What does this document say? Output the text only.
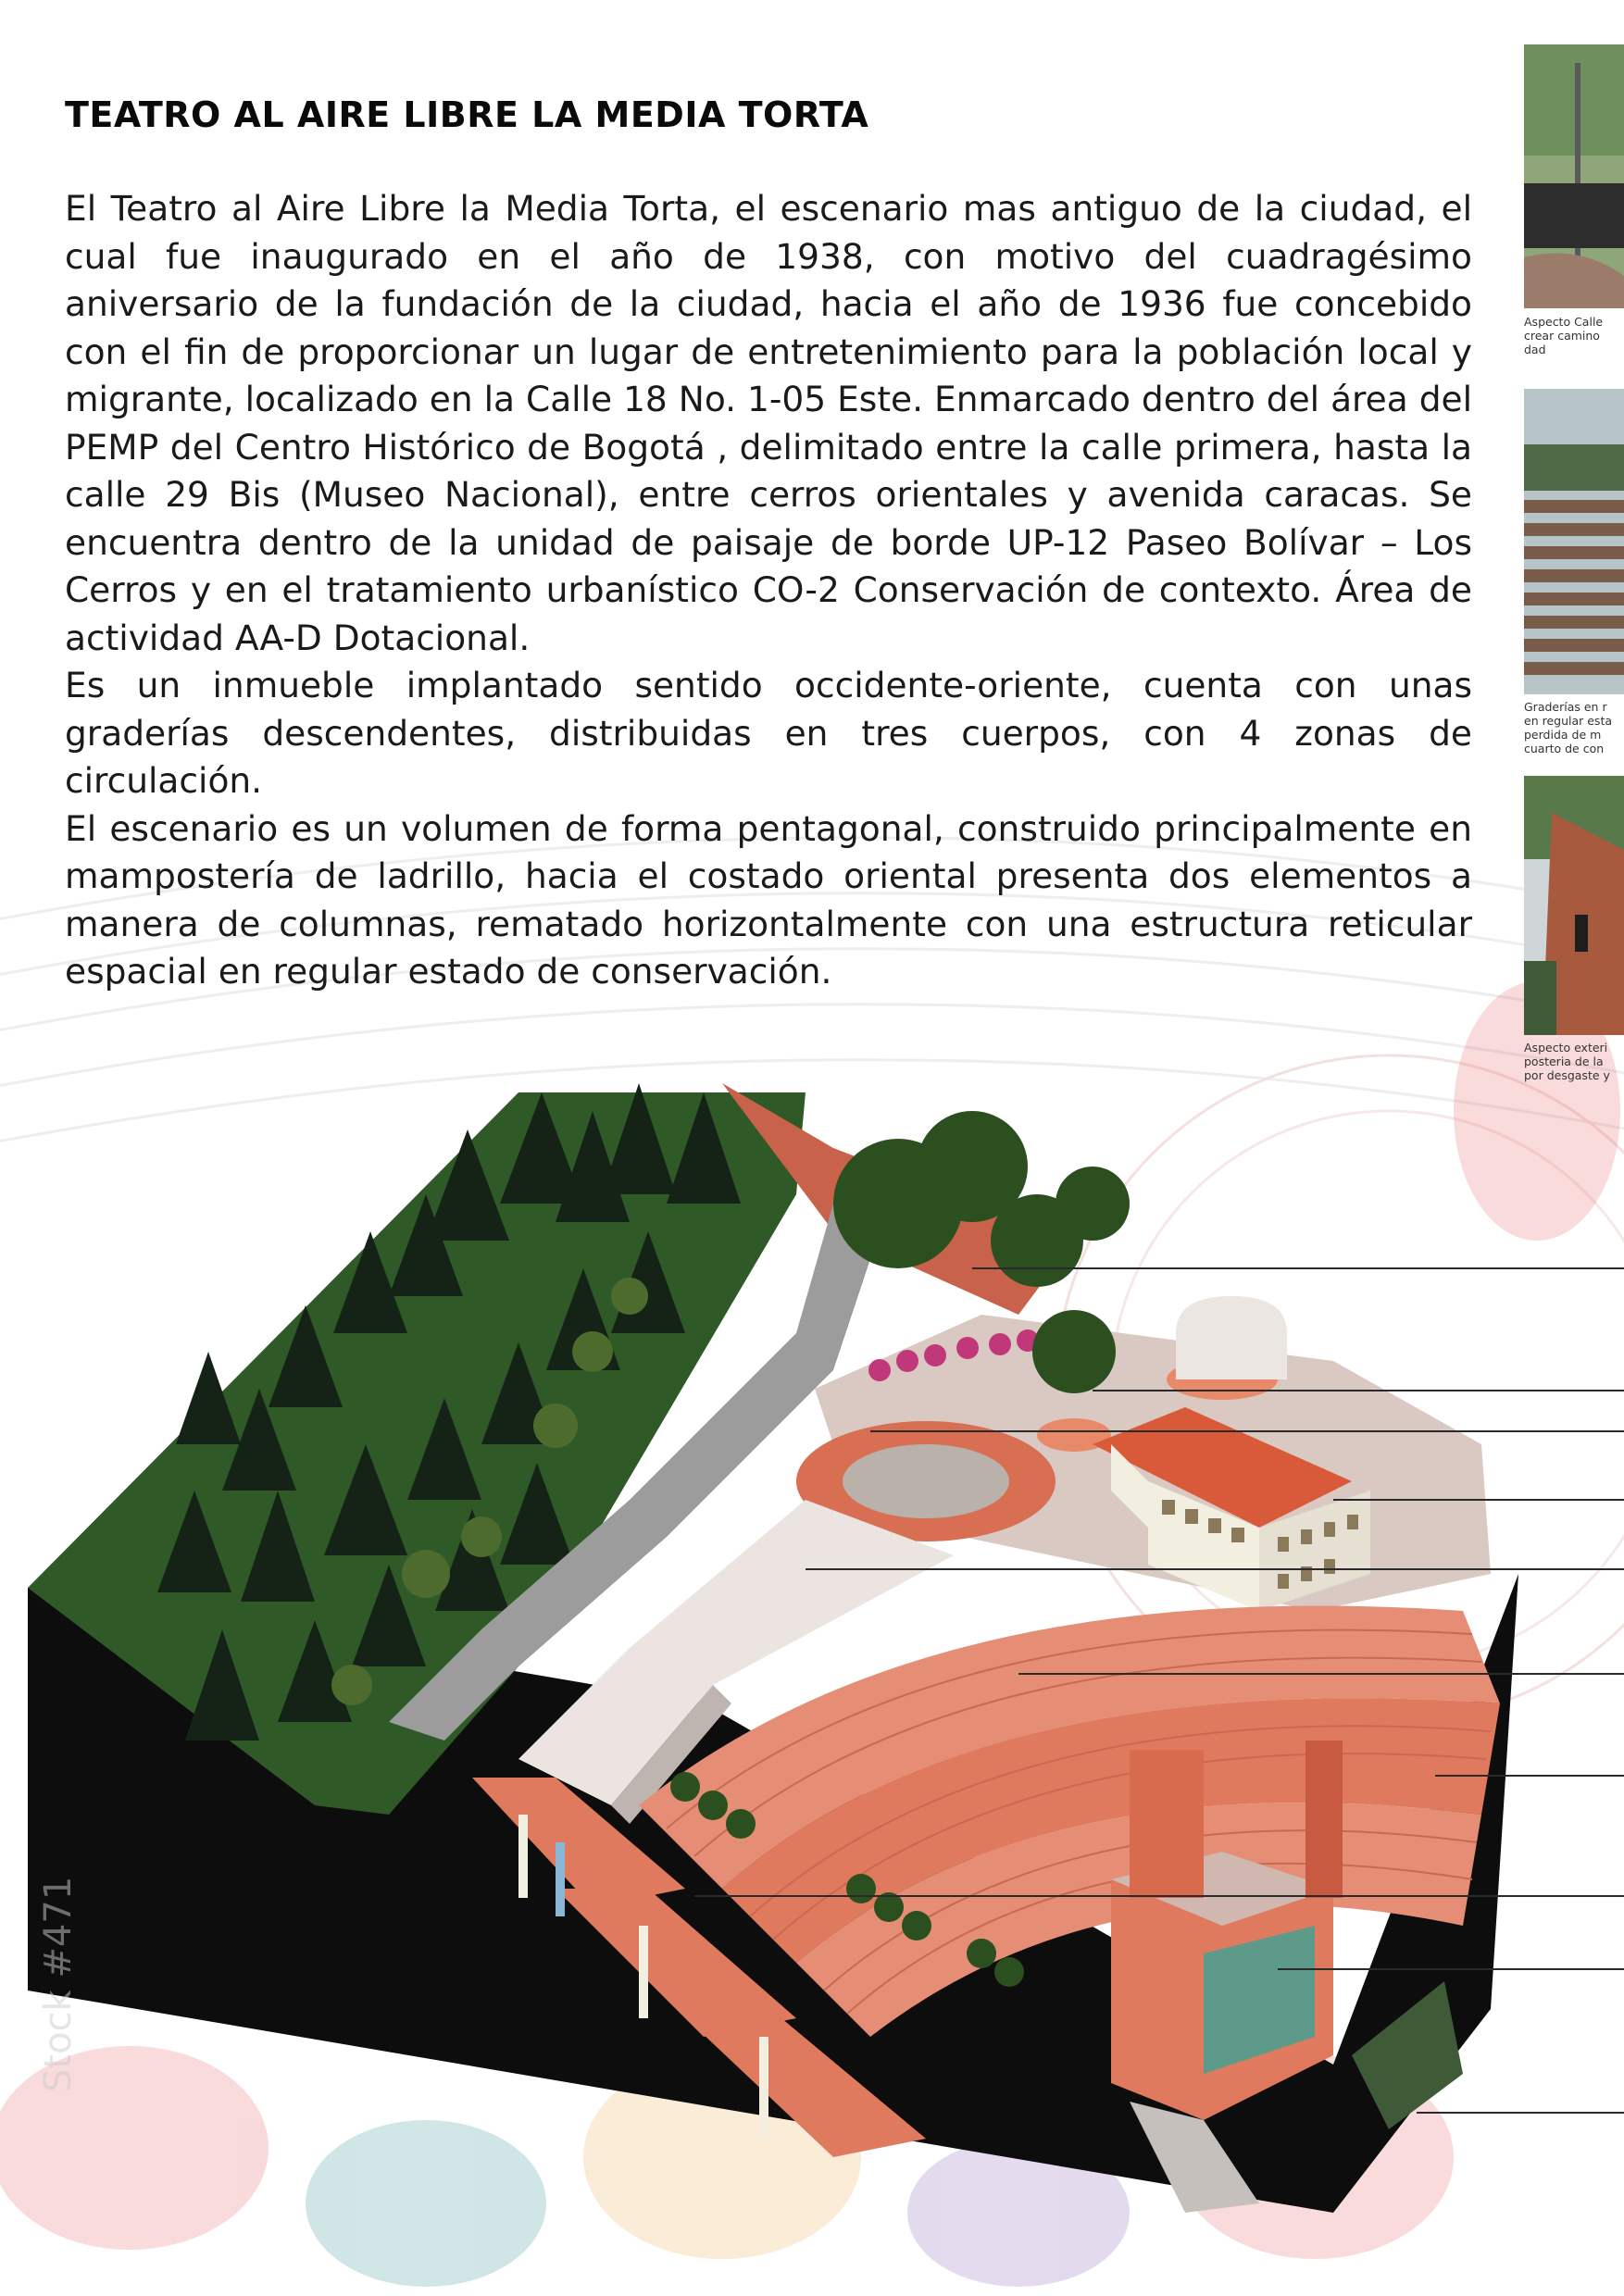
TEATRO AL AIRE LIBRE LA MEDIA TORTA

El Teatro al Aire Libre la Media Torta, el escenario mas antiguo de la ciudad, el cual fue inaugurado en el año de 1938, con motivo del cuadragésimo aniversario de la fundación de la ciudad, hacia el año de 1936 fue concebido con el fin de proporcionar un lugar de entretenimiento para la población local y migrante, localizado en la Calle 18 No. 1-05 Este. Enmarcado dentro del área del PEMP del Centro Histórico de Bogotá , delimitado entre la calle primera, hasta la calle 29 Bis (Museo Nacional), entre cerros orientales y avenida caracas. Se encuentra dentro de la unidad de paisaje de borde UP-12 Paseo Bolívar – Los Cerros y en el tratamiento urbanístico CO-2 Conservación de contexto. Área de actividad AA-D Dotacional.

Es un inmueble implantado sentido occidente-oriente, cuenta con unas graderías descendentes, distribuidas en tres cuerpos, con 4 zonas de circulación.

El escenario es un volumen de forma pentagonal, construido principalmente en mampostería de ladrillo, hacia el costado oriental presenta dos elementos a manera de columnas, rematado horizontalmente con una estructura reticular espacial en regular estado de conservación.

Aspecto Calle
crear camino
dad
Graderías en r
en regular esta
perdida de m
cuarto de con
Aspecto exteri
posteria de la
por desgaste y
Stock #471
